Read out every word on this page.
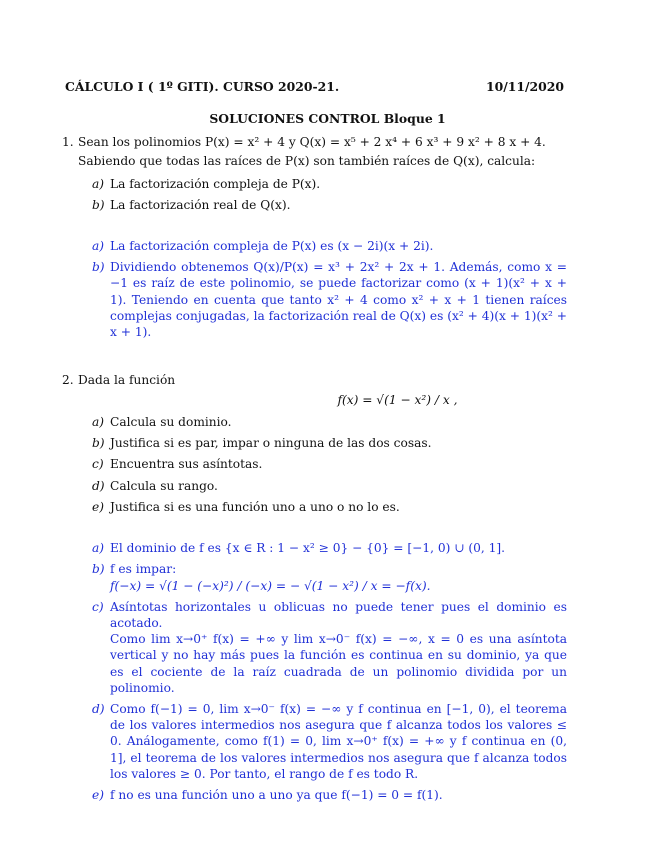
CÁLCULO I ( 1º GITI). CURSO 2020-21.	10/11/2020
SOLUCIONES CONTROL Bloque 1
1. Sean los polinomios P(x) = x² + 4 y Q(x) = x⁵ + 2 x⁴ + 6 x³ + 9 x² + 8 x + 4.
Sabiendo que todas las raíces de P(x) son también raíces de Q(x), calcula:
a) La factorización compleja de P(x).
b) La factorización real de Q(x).
a) La factorización compleja de P(x) es (x − 2i)(x + 2i).
b) Dividiendo obtenemos Q(x)/P(x) = x³ + 2x² + 2x + 1. Además, como x = −1 es raíz de este polinomio, se puede factorizar como (x + 1)(x² + x + 1). Teniendo en cuenta que tanto x² + 4 como x² + x + 1 tienen raíces complejas conjugadas, la factorización real de Q(x) es (x² + 4)(x + 1)(x² + x + 1).
2. Dada la función
f(x) = √(1 − x²) / x ,
a) Calcula su dominio.
b) Justifica si es par, impar o ninguna de las dos cosas.
c) Encuentra sus asíntotas.
d) Calcula su rango.
e) Justifica si es una función uno a uno o no lo es.
a) El dominio de f es {x ∈ R : 1 − x² ≥ 0} − {0} = [−1, 0) ∪ (0, 1].
b) f es impar:
f(−x) = √(1 − (−x)²) / (−x) = − √(1 − x²) / x = −f(x).
c) Asíntotas horizontales u oblicuas no puede tener pues el dominio es acotado.
Como lim x→0⁺ f(x) = +∞ y lim x→0⁻ f(x) = −∞, x = 0 es una asíntota vertical y no hay más pues la función es continua en su dominio, ya que es el cociente de la raíz cuadrada de un polinomio dividida por un polinomio.
d) Como f(−1) = 0, lim x→0⁻ f(x) = −∞ y f continua en [−1, 0), el teorema de los valores intermedios nos asegura que f alcanza todos los valores ≤ 0. Análogamente, como f(1) = 0, lim x→0⁺ f(x) = +∞ y f continua en (0, 1], el teorema de los valores intermedios nos asegura que f alcanza todos los valores ≥ 0. Por tanto, el rango de f es todo R.
e) f no es una función uno a uno ya que f(−1) = 0 = f(1).
